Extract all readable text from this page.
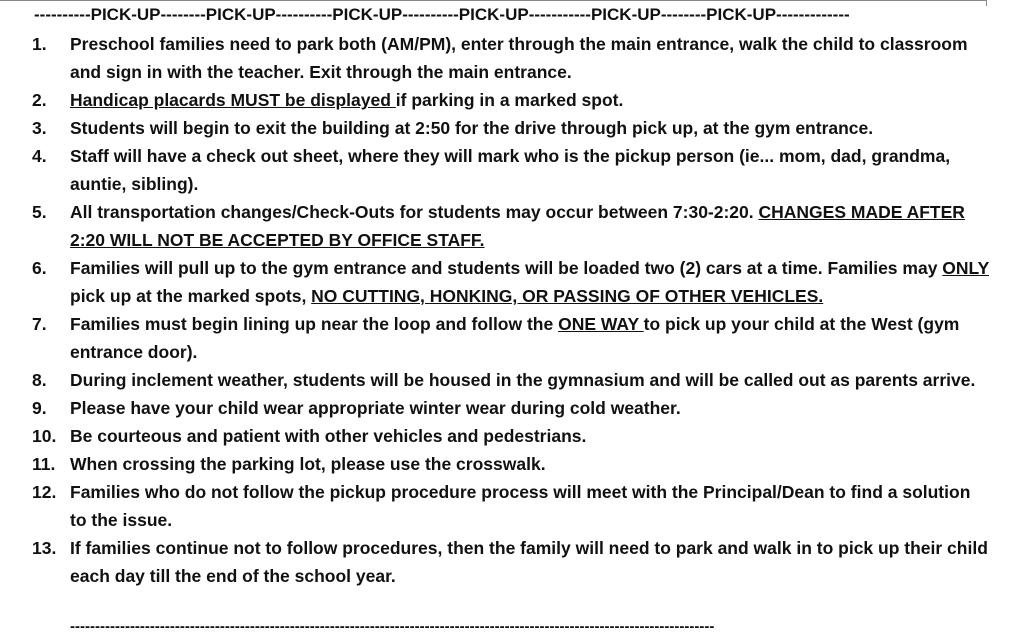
----------PICK-UP--------PICK-UP----------PICK-UP----------PICK-UP-----------PICK-UP--------PICK-UP-------------
1. Preschool families need to park both (AM/PM), enter through the main entrance, walk the child to classroom and sign in with the teacher. Exit through the main entrance.
2. Handicap placards MUST be displayed if parking in a marked spot.
3. Students will begin to exit the building at 2:50 for the drive through pick up, at the gym entrance.
4. Staff will have a check out sheet, where they will mark who is the pickup person (ie... mom, dad, grandma, auntie, sibling).
5. All transportation changes/Check-Outs for students may occur between 7:30-2:20. CHANGES MADE AFTER 2:20 WILL NOT BE ACCEPTED BY OFFICE STAFF.
6. Families will pull up to the gym entrance and students will be loaded two (2) cars at a time. Families may ONLY pick up at the marked spots, NO CUTTING, HONKING, OR PASSING OF OTHER VEHICLES.
7. Families must begin lining up near the loop and follow the ONE WAY to pick up your child at the West (gym entrance door).
8. During inclement weather, students will be housed in the gymnasium and will be called out as parents arrive.
9. Please have your child wear appropriate winter wear during cold weather.
10. Be courteous and patient with other vehicles and pedestrians.
11. When crossing the parking lot, please use the crosswalk.
12. Families who do not follow the pickup procedure process will meet with the Principal/Dean to find a solution to the issue.
13. If families continue not to follow procedures, then the family will need to park and walk in to pick up their child each day till the end of the school year.
---------------------------------------------------------------------------------------------------------------------------------
